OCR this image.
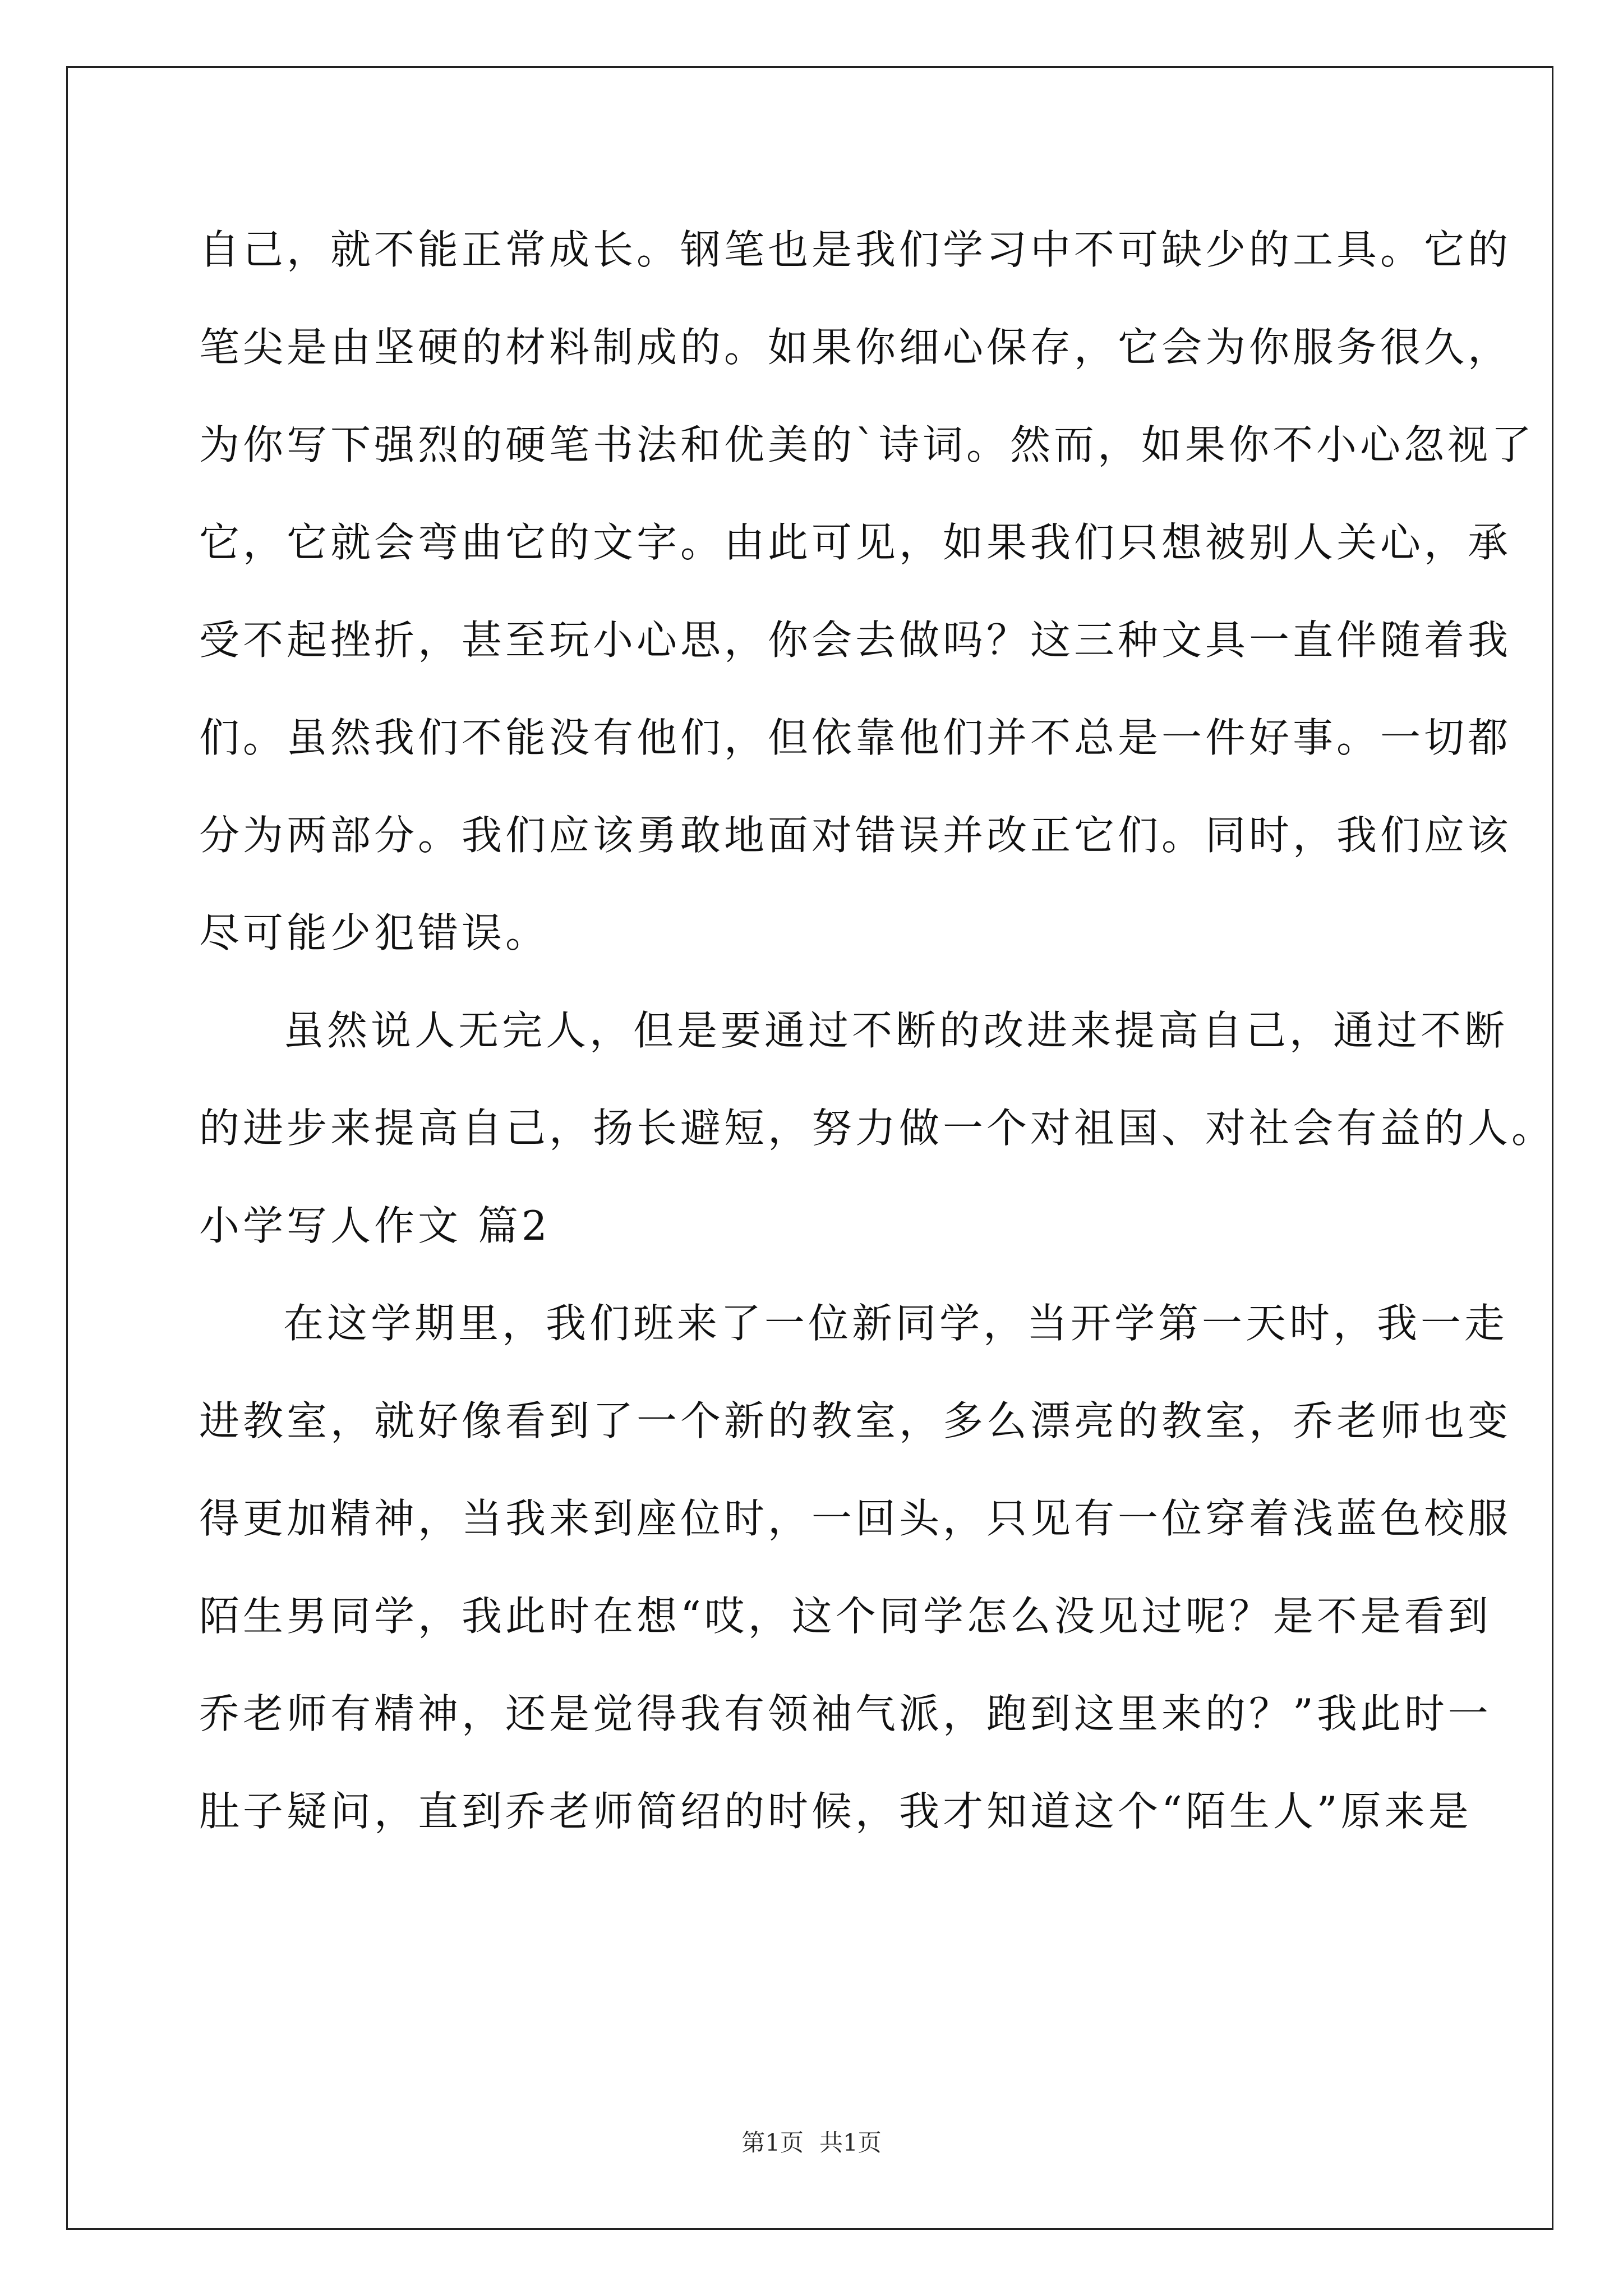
自己，就不能正常成长。钢笔也是我们学习中不可缺少的工具。它的
笔尖是由坚硬的材料制成的。如果你细心保存，它会为你服务很久，
为你写下强烈的硬笔书法和优美的`诗词。然而，如果你不小心忽视了
它，它就会弯曲它的文字。由此可见，如果我们只想被别人关心，承
受不起挫折，甚至玩小心思，你会去做吗？这三种文具一直伴随着我
们。虽然我们不能没有他们，但依靠他们并不总是一件好事。一切都
分为两部分。我们应该勇敢地面对错误并改正它们。同时，我们应该
尽可能少犯错误。
虽然说人无完人，但是要通过不断的改进来提高自己，通过不断
的进步来提高自己，扬长避短，努力做一个对祖国、对社会有益的人。
小学写人作文 篇2
在这学期里，我们班来了一位新同学，当开学第一天时，我一走
进教室，就好像看到了一个新的教室，多么漂亮的教室，乔老师也变
得更加精神，当我来到座位时，一回头，只见有一位穿着浅蓝色校服
陌生男同学，我此时在想“哎，这个同学怎么没见过呢？是不是看到
乔老师有精神，还是觉得我有领袖气派，跑到这里来的？”我此时一
肚子疑问，直到乔老师简绍的时候，我才知道这个“陌生人”原来是
第1页 共1页
